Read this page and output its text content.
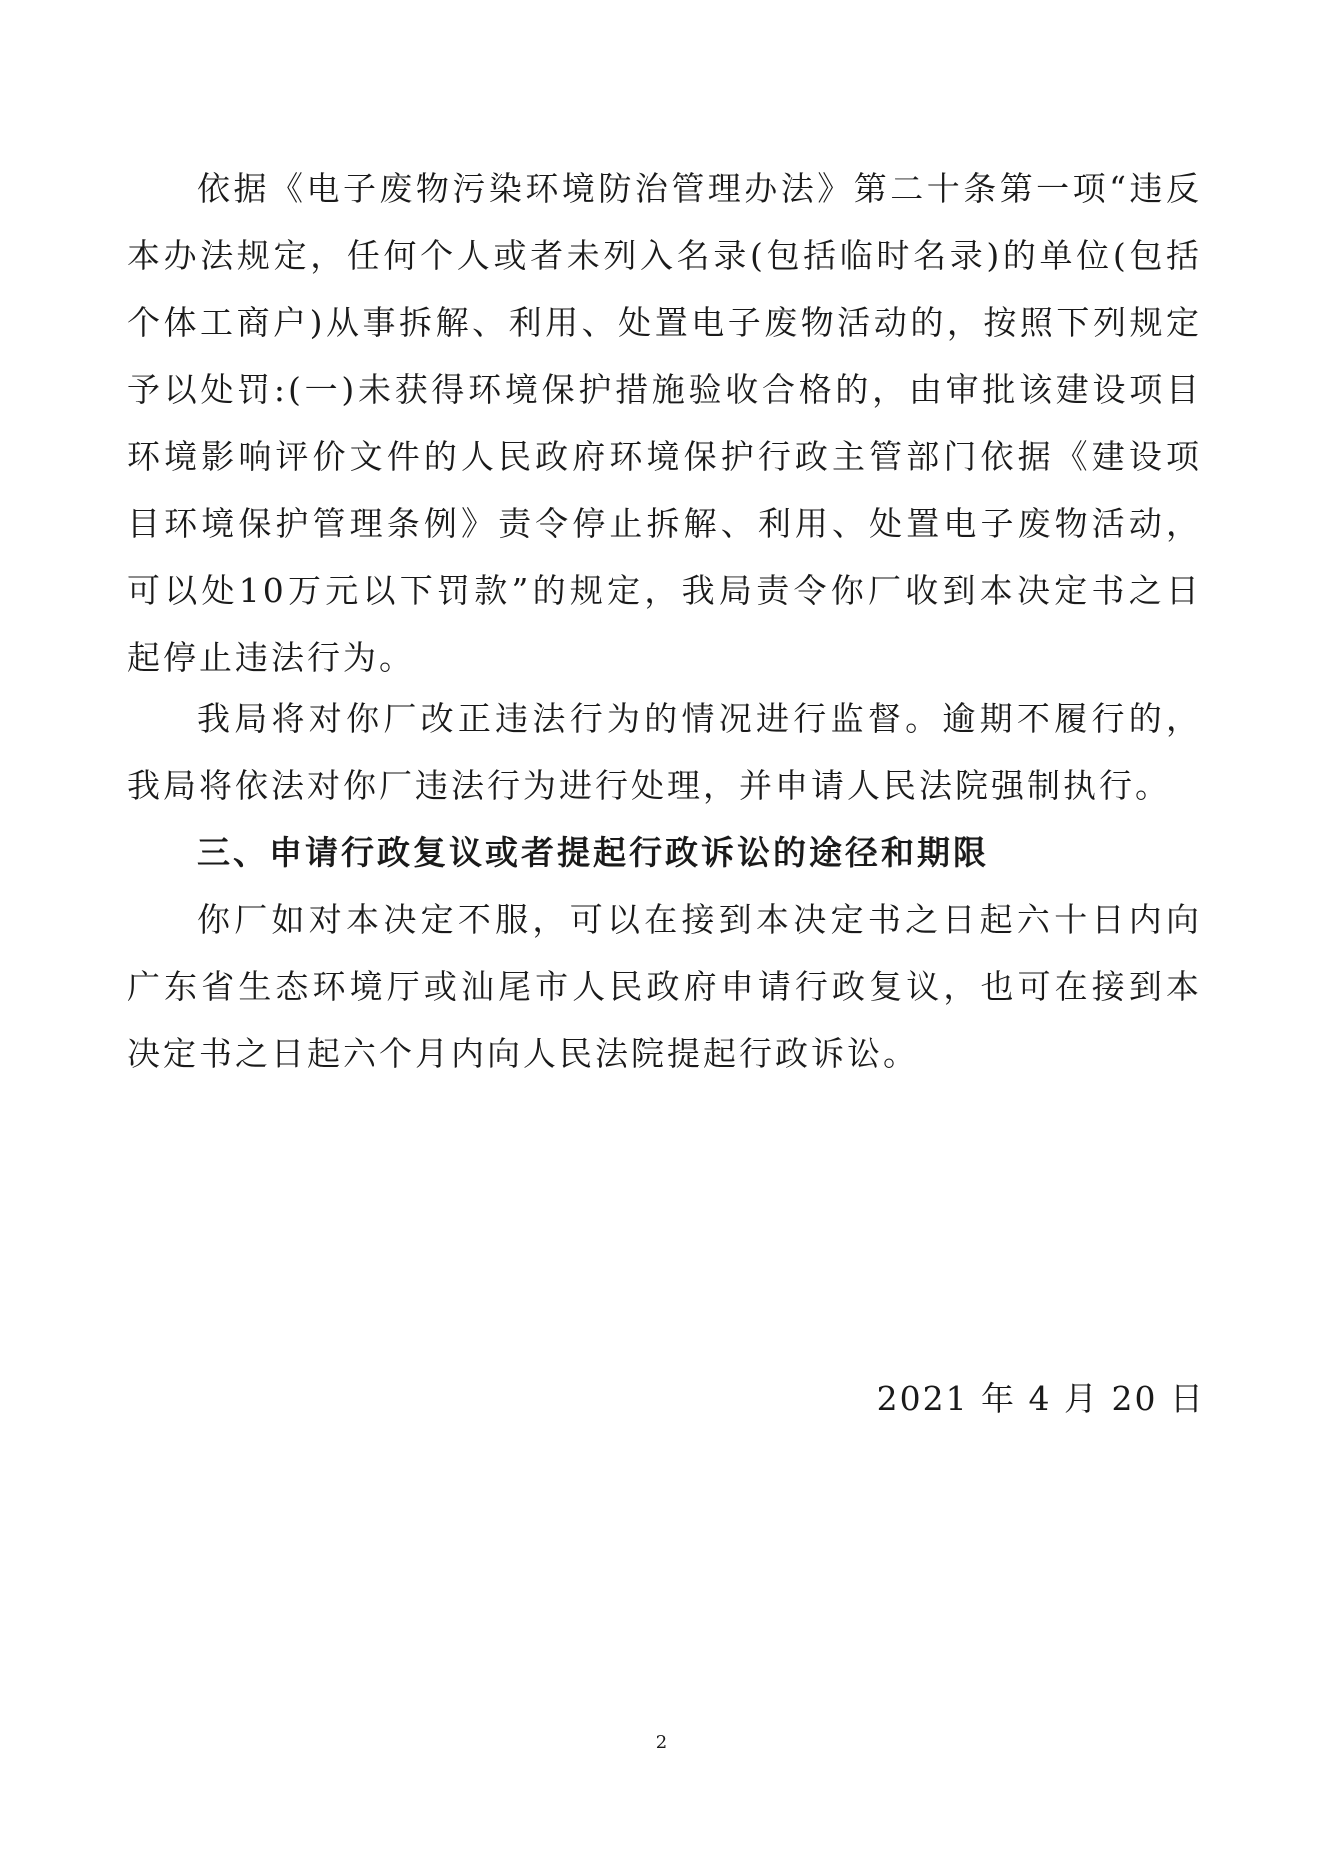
依据《电子废物污染环境防治管理办法》第二十条第一项“违反本办法规定，任何个人或者未列入名录(包括临时名录)的单位(包括个体工商户)从事拆解、利用、处置电子废物活动的，按照下列规定予以处罚:(一)未获得环境保护措施验收合格的，由审批该建设项目环境影响评价文件的人民政府环境保护行政主管部门依据《建设项目环境保护管理条例》责令停止拆解、利用、处置电子废物活动，可以处10万元以下罚款”的规定，我局责令你厂收到本决定书之日起停止违法行为。

我局将对你厂改正违法行为的情况进行监督。逾期不履行的，我局将依法对你厂违法行为进行处理，并申请人民法院强制执行。

三、申请行政复议或者提起行政诉讼的途径和期限

你厂如对本决定不服，可以在接到本决定书之日起六十日内向广东省生态环境厅或汕尾市人民政府申请行政复议，也可在接到本决定书之日起六个月内向人民法院提起行政诉讼。

2021 年 4 月 20 日

2
